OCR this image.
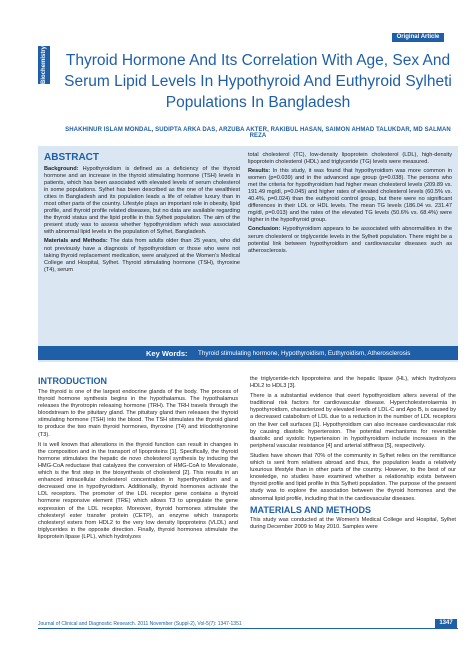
Original Article
Biochemistry	Thyroid Hormone And Its Correlation With Age, Sex And Serum Lipid Levels In Hypothyroid And Euthyroid Sylheti Populations In Bangladesh
SHAKHINUR ISLAM MONDAL, SUDIPTA ARKA DAS, ARZUBA AKTER, RAKIBUL HASAN, SAIMON AHMAD TALUKDAR, MD SALMAN REZA
ABSTRACT

Background: Hypothyroidism is defined as a deficiency of the thyroid hormone and an increase in the thyroid stimulating hormone (TSH) levels in patients, which has been associated with elevated levels of serum cholesterol in some populations. Sylhet has been described as the one of the wealthiest cities in Bangladesh and its population leads a life of relative luxury than in most other parts of the country. Lifestyle plays an important role in obesity, lipid profile, and thyroid profile related diseases, but no data are available regarding the thyroid status and the lipid profile in this Sylheti population. The aim of the present study was to assess whether hypothyroidism which was associated with abnormal lipid levels in the population of Sylhet, Bangladesh.

Materials and Methods: The data from adults older than 25 years, who did not previously have a diagnosis of hypothyroidism or those who were not taking thyroid replacement medication, were analyzed at the Women's Medical College and Hospital, Sylhet. Thyroid stimulating hormone (TSH), thyroxine (T4), serum

total cholesterol (TC), low-density lipoprotein cholesterol (LDL), high-density lipoprotein cholesterol (HDL) and triglyceride (TG) levels were measured.

Results: In this study, it was found that hypothyroidism was more common in women (p=0.039) and in the advanced age group (p=0.038). The persons who met the criteria for hypothyroidism had higher mean cholesterol levels (209.89 vs. 191.49 mg/dl, p=0.045) and higher rates of elevated cholesterol levels (60.5% vs. 40.4%, p=0.024) than the euthyroid control group, but there were no significant differences in their LDL or HDL levels. The mean TG levels (186.04 vs. 231.47 mg/dl, p=0.013) and the rates of the elevated TG levels (50.6% vs. 68.4%) were higher in the hypothyroid group.

Conclusion: Hypothyroidism appears to be associated with abnormalities in the serum cholesterol or triglyceride levels in the Sylheti population. There might be a potential link between hypothyroidism and cardiovascular diseases such as atherosclerosis.

Key Words: Thyroid stimulating hormone, Hypothyroidism, Euthyroidism, Atherosclerosis
INTRODUCTION

The thyroid is one of the largest endocrine glands of the body. The process of thyroid hormone synthesis begins in the hypothalamus. The hypothalamus releases the thyrotropin releasing hormone (TRH). The TRH travels through the bloodstream to the pituitary gland. The pituitary gland then releases the thyroid stimulating hormone (TSH) into the blood. The TSH stimulates the thyroid gland to produce the two main thyroid hormones, thyroxine (T4) and triiodothyronine (T3).

It is well known that alterations in the thyroid function can result in changes in the composition and in the transport of lipoproteins [1]. Specifically, the thyroid hormone stimulates the hepatic de novo cholesterol synthesis by inducing the HMG-CoA reductase that catalyzes the conversion of HMG-CoA to Mevalonate, which is the first step in the biosynthesis of cholesterol [2]. This results in an enhanced intracellular cholesterol concentration in hyperthyroidism and a decreased one in hypothyroidism. Additionally, thyroid hormones activate the LDL receptors. The promoter of the LDL receptor gene contains a thyroid hormone responsive element (TRE) which allows T3 to upregulate the gene expression of the LDL receptor. Moreover, thyroid hormones stimulate the cholesteryl ester transfer protein (CETP), an enzyme which transports cholesteryl esters from HDL2 to the very low density lipoproteins (VLDL) and triglycerides in the opposite direction. Finally, thyroid hormones stimulate the lipoprotein lipase (LPL), which hydrolyzes

the triglyceride-rich lipoproteins and the hepatic lipase (HL), which hydrolyzes HDL2 to HDL3 [3].

There is a substantial evidence that overt hypothyroidism alters several of the traditional risk factors for cardiovascular disease. Hypercholesterolaemia in hypothyroidism, characterized by elevated levels of LDL-C and Apo B, is caused by a decreased catabolism of LDL due to a reduction in the number of LDL receptors on the liver cell surfaces [1]. Hypothyroidism can also increase cardiovascular risk by causing diastolic hypertension. The potential mechanisms for reversible diastolic and systolic hypertension in hypothyroidism include increases in the peripheral vascular resistance [4] and arterial stiffness [5], respectively.

Studies have shown that 70% of the community in Sylhet relies on the remittance which is sent from relatives abroad and thus, the population leads a relatively luxurious lifestyle than in other parts of the country. However, to the best of our knowledge, no studies have examined whether a relationship exists between thyroid profile and lipid profile in this Sylheti population. The purpose of the present study was to explore the association between the thyroid hormones and the abnormal lipid profile, including that in the cardiovascular diseases.

MATERIALS AND METHODS

This study was conducted at the Women's Medical College and Hospital, Sylhet during December 2009 to May 2010. Samples were

Journal of Clinical and Diagnostic Research. 2011 November (Suppl-2), Vol-5(7): 1347-1351	1347
